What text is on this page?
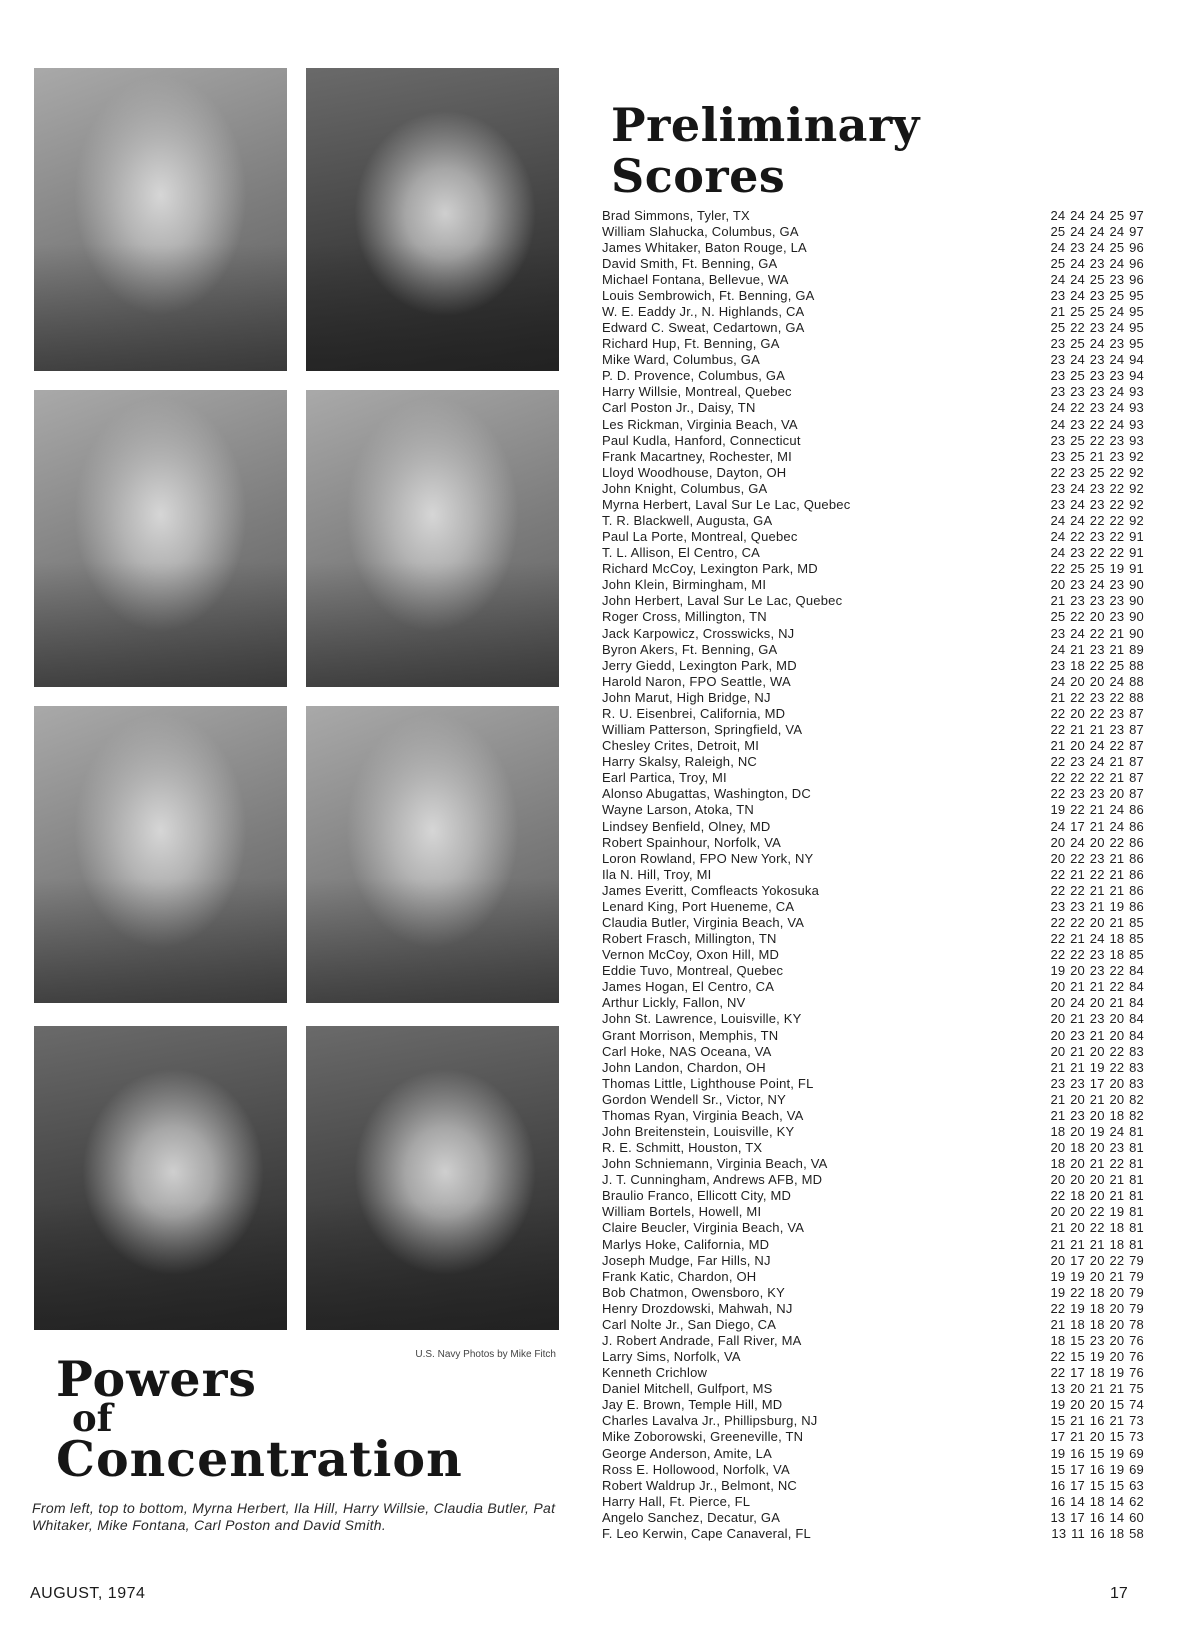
U.S. Navy Photos by Mike Fitch
Powers
of
Concentration
From left, top to bottom, Myrna Herbert, Ila Hill, Harry Willsie, Claudia Butler, Pat Whitaker, Mike Fontana, Carl Poston and David Smith.
Preliminary
Scores
Brad Simmons, Tyler, TX	24 24 24 25 97
William Slahucka, Columbus, GA	25 24 24 24 97
James Whitaker, Baton Rouge, LA	24 23 24 25 96
David Smith, Ft. Benning, GA	25 24 23 24 96
Michael Fontana, Bellevue, WA	24 24 25 23 96
Louis Sembrowich, Ft. Benning, GA	23 24 23 25 95
W. E. Eaddy Jr., N. Highlands, CA	21 25 25 24 95
Edward C. Sweat, Cedartown, GA	25 22 23 24 95
Richard Hup, Ft. Benning, GA	23 25 24 23 95
Mike Ward, Columbus, GA	23 24 23 24 94
P. D. Provence, Columbus, GA	23 25 23 23 94
Harry Willsie, Montreal, Quebec	23 23 23 24 93
Carl Poston Jr., Daisy, TN	24 22 23 24 93
Les Rickman, Virginia Beach, VA	24 23 22 24 93
Paul Kudla, Hanford, Connecticut	23 25 22 23 93
Frank Macartney, Rochester, MI	23 25 21 23 92
Lloyd Woodhouse, Dayton, OH	22 23 25 22 92
John Knight, Columbus, GA	23 24 23 22 92
Myrna Herbert, Laval Sur Le Lac, Quebec	23 24 23 22 92
T. R. Blackwell, Augusta, GA	24 24 22 22 92
Paul La Porte, Montreal, Quebec	24 22 23 22 91
T. L. Allison, El Centro, CA	24 23 22 22 91
Richard McCoy, Lexington Park, MD	22 25 25 19 91
John Klein, Birmingham, MI	20 23 24 23 90
John Herbert, Laval Sur Le Lac, Quebec	21 23 23 23 90
Roger Cross, Millington, TN	25 22 20 23 90
Jack Karpowicz, Crosswicks, NJ	23 24 22 21 90
Byron Akers, Ft. Benning, GA	24 21 23 21 89
Jerry Giedd, Lexington Park, MD	23 18 22 25 88
Harold Naron, FPO Seattle, WA	24 20 20 24 88
John Marut, High Bridge, NJ	21 22 23 22 88
R. U. Eisenbrei, California, MD	22 20 22 23 87
William Patterson, Springfield, VA	22 21 21 23 87
Chesley Crites, Detroit, MI	21 20 24 22 87
Harry Skalsy, Raleigh, NC	22 23 24 21 87
Earl Partica, Troy, MI	22 22 22 21 87
Alonso Abugattas, Washington, DC	22 23 23 20 87
Wayne Larson, Atoka, TN	19 22 21 24 86
Lindsey Benfield, Olney, MD	24 17 21 24 86
Robert Spainhour, Norfolk, VA	20 24 20 22 86
Loron Rowland, FPO New York, NY	20 22 23 21 86
Ila N. Hill, Troy, MI	22 21 22 21 86
James Everitt, Comfleacts Yokosuka	22 22 21 21 86
Lenard King, Port Hueneme, CA	23 23 21 19 86
Claudia Butler, Virginia Beach, VA	22 22 20 21 85
Robert Frasch, Millington, TN	22 21 24 18 85
Vernon McCoy, Oxon Hill, MD	22 22 23 18 85
Eddie Tuvo, Montreal, Quebec	19 20 23 22 84
James Hogan, El Centro, CA	20 21 21 22 84
Arthur Lickly, Fallon, NV	20 24 20 21 84
John St. Lawrence, Louisville, KY	20 21 23 20 84
Grant Morrison, Memphis, TN	20 23 21 20 84
Carl Hoke, NAS Oceana, VA	20 21 20 22 83
John Landon, Chardon, OH	21 21 19 22 83
Thomas Little, Lighthouse Point, FL	23 23 17 20 83
Gordon Wendell Sr., Victor, NY	21 20 21 20 82
Thomas Ryan, Virginia Beach, VA	21 23 20 18 82
John Breitenstein, Louisville, KY	18 20 19 24 81
R. E. Schmitt, Houston, TX	20 18 20 23 81
John Schniemann, Virginia Beach, VA	18 20 21 22 81
J. T. Cunningham, Andrews AFB, MD	20 20 20 21 81
Braulio Franco, Ellicott City, MD	22 18 20 21 81
William Bortels, Howell, MI	20 20 22 19 81
Claire Beucler, Virginia Beach, VA	21 20 22 18 81
Marlys Hoke, California, MD	21 21 21 18 81
Joseph Mudge, Far Hills, NJ	20 17 20 22 79
Frank Katic, Chardon, OH	19 19 20 21 79
Bob Chatmon, Owensboro, KY	19 22 18 20 79
Henry Drozdowski, Mahwah, NJ	22 19 18 20 79
Carl Nolte Jr., San Diego, CA	21 18 18 20 78
J. Robert Andrade, Fall River, MA	18 15 23 20 76
Larry Sims, Norfolk, VA	22 15 19 20 76
Kenneth Crichlow	22 17 18 19 76
Daniel Mitchell, Gulfport, MS	13 20 21 21 75
Jay E. Brown, Temple Hill, MD	19 20 20 15 74
Charles Lavalva Jr., Phillipsburg, NJ	15 21 16 21 73
Mike Zoborowski, Greeneville, TN	17 21 20 15 73
George Anderson, Amite, LA	19 16 15 19 69
Ross E. Hollowood, Norfolk, VA	15 17 16 19 69
Robert Waldrup Jr., Belmont, NC	16 17 15 15 63
Harry Hall, Ft. Pierce, FL	16 14 18 14 62
Angelo Sanchez, Decatur, GA	13 17 16 14 60
F. Leo Kerwin, Cape Canaveral, FL	13 11 16 18 58
AUGUST, 1974	17
